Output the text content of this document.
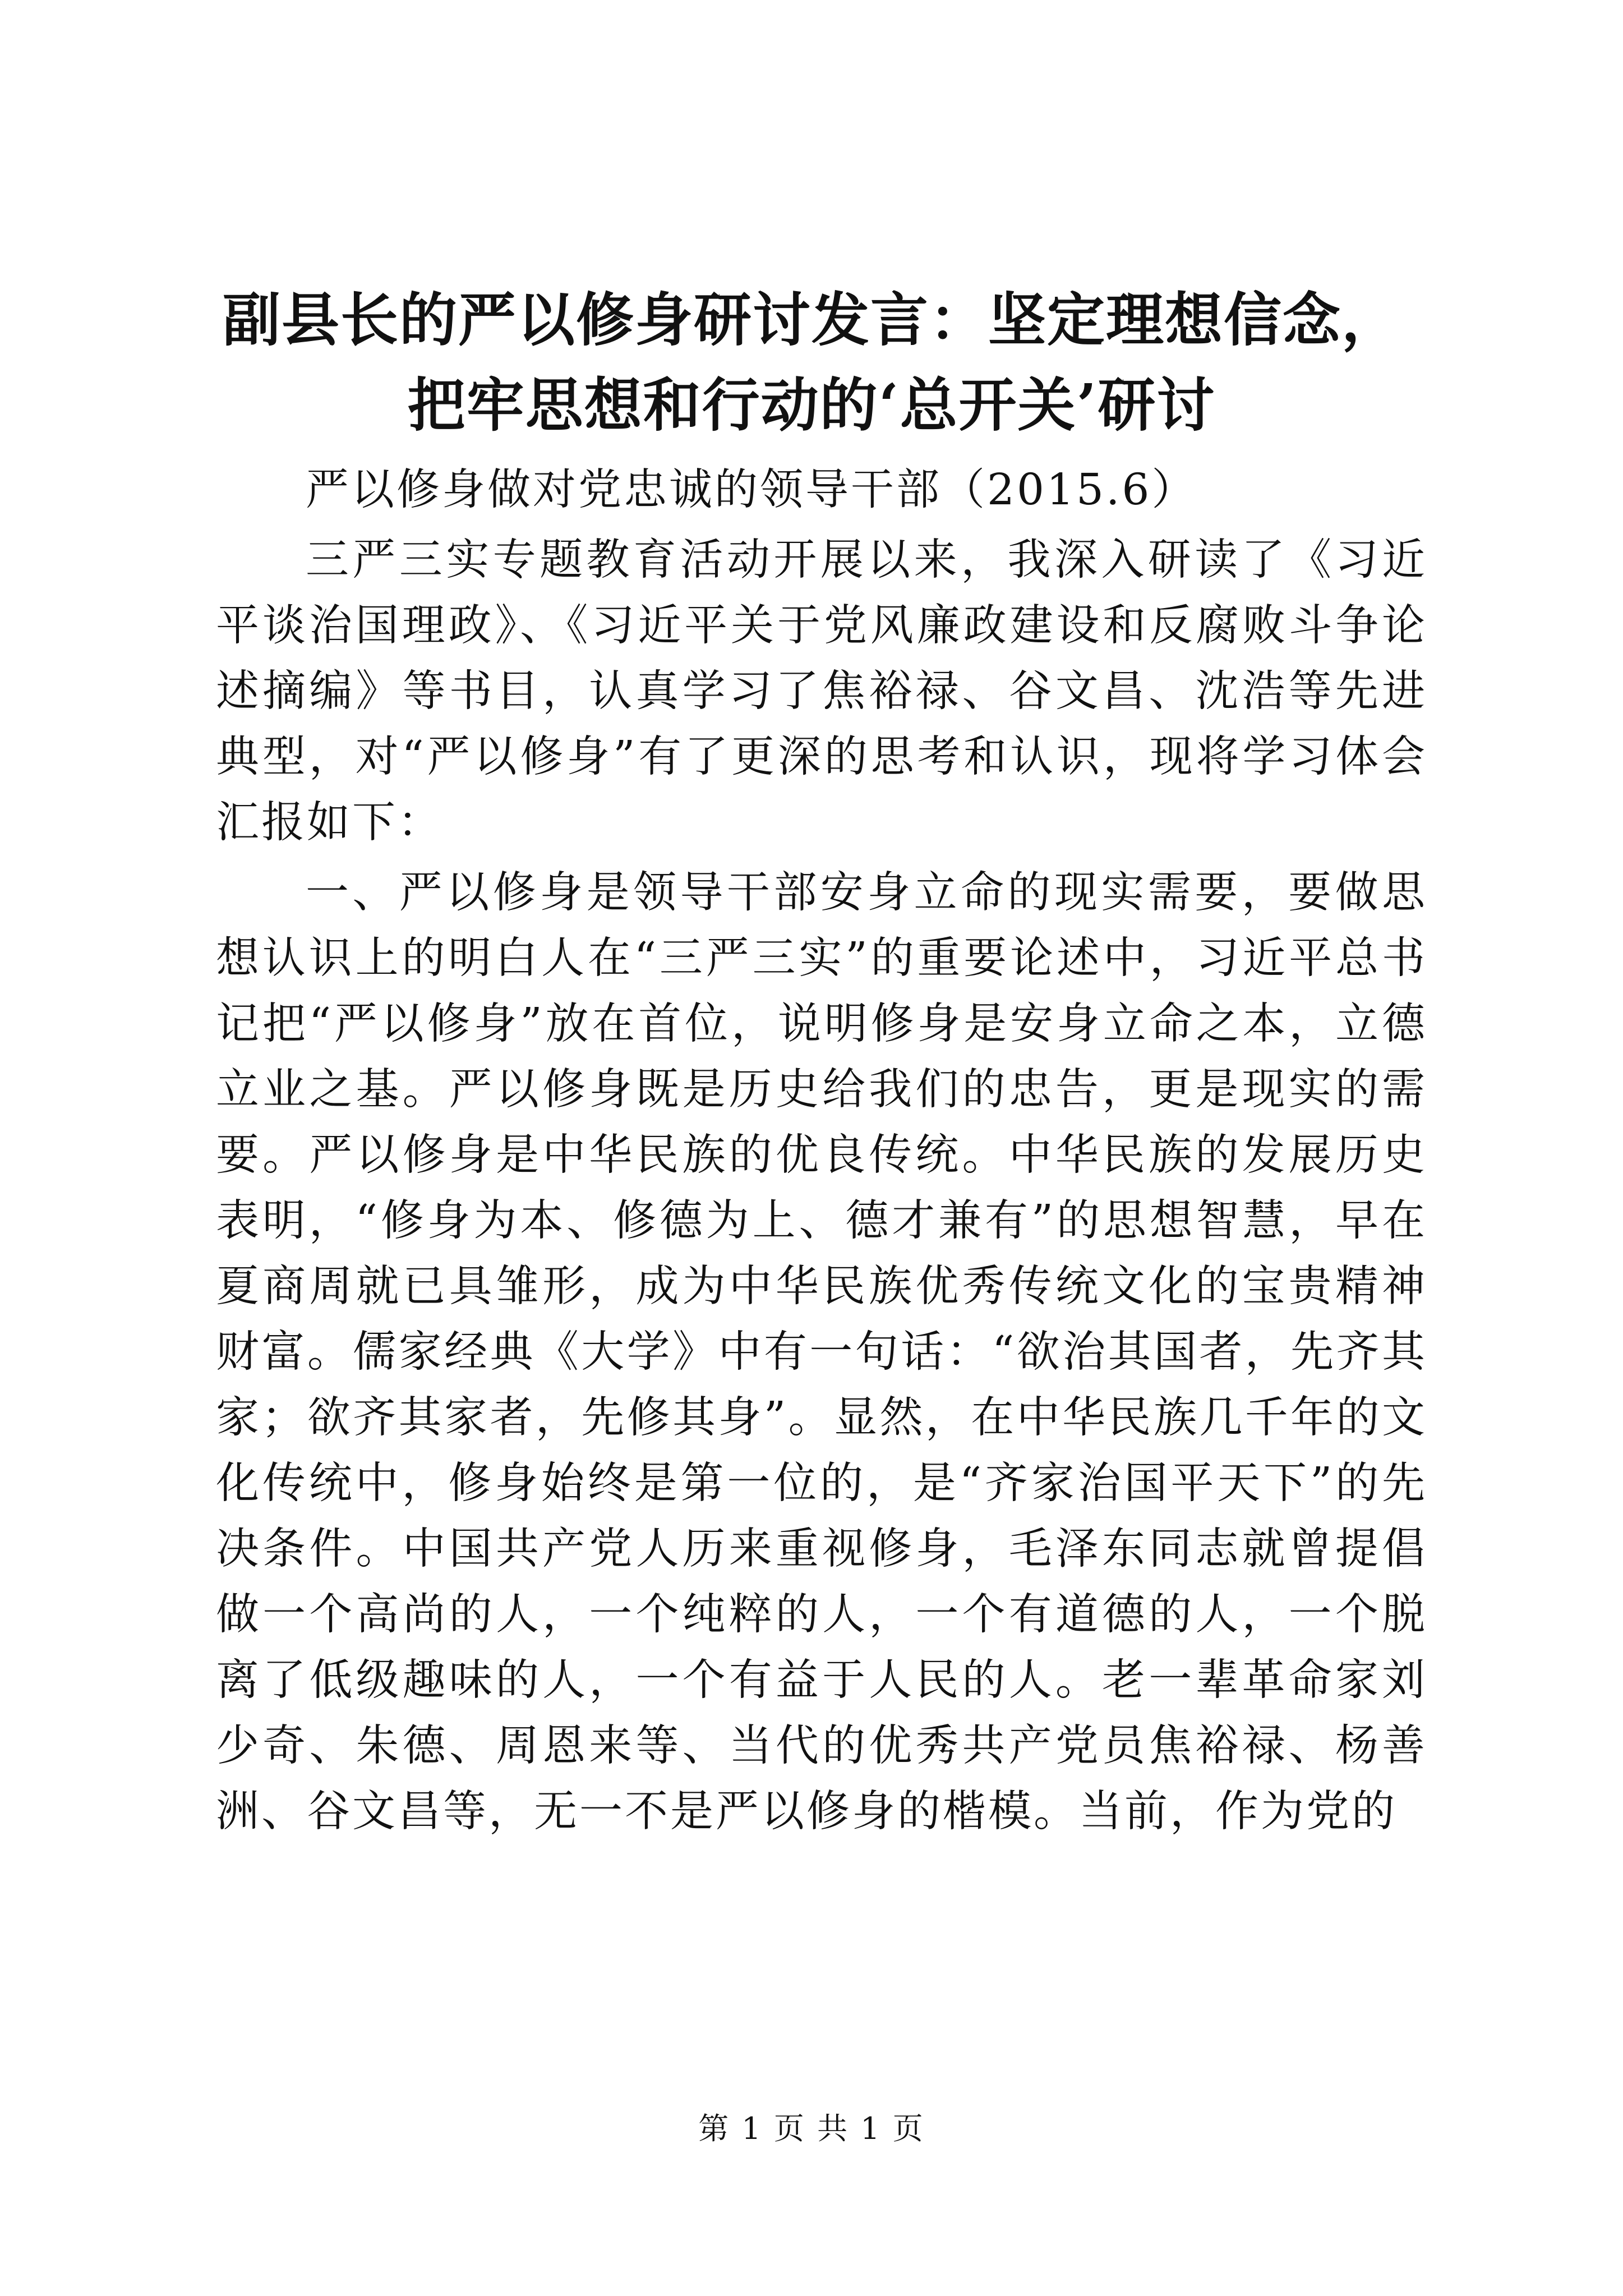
副县长的严以修身研讨发言：坚定理想信念，
把牢思想和行动的‘总开关’研讨

严以修身做对党忠诚的领导干部（2015.6）

三严三实专题教育活动开展以来，我深入研读了《习近平谈治国理政》、《习近平关于党风廉政建设和反腐败斗争论述摘编》等书目，认真学习了焦裕禄、谷文昌、沈浩等先进典型，对“严以修身”有了更深的思考和认识，现将学习体会汇报如下：

一、严以修身是领导干部安身立命的现实需要，要做思想认识上的明白人在“三严三实”的重要论述中，习近平总书记把“严以修身”放在首位，说明修身是安身立命之本，立德立业之基。严以修身既是历史给我们的忠告，更是现实的需要。严以修身是中华民族的优良传统。中华民族的发展历史表明，“修身为本、修德为上、德才兼有”的思想智慧，早在夏商周就已具雏形，成为中华民族优秀传统文化的宝贵精神财富。儒家经典《大学》中有一句话：“欲治其国者，先齐其家；欲齐其家者，先修其身”。显然，在中华民族几千年的文化传统中，修身始终是第一位的，是“齐家治国平天下”的先决条件。中国共产党人历来重视修身，毛泽东同志就曾提倡做一个高尚的人，一个纯粹的人，一个有道德的人，一个脱离了低级趣味的人，一个有益于人民的人。老一辈革命家刘少奇、朱德、周恩来等、当代的优秀共产党员焦裕禄、杨善洲、谷文昌等，无一不是严以修身的楷模。当前，作为党的

第 1 页 共 1 页
